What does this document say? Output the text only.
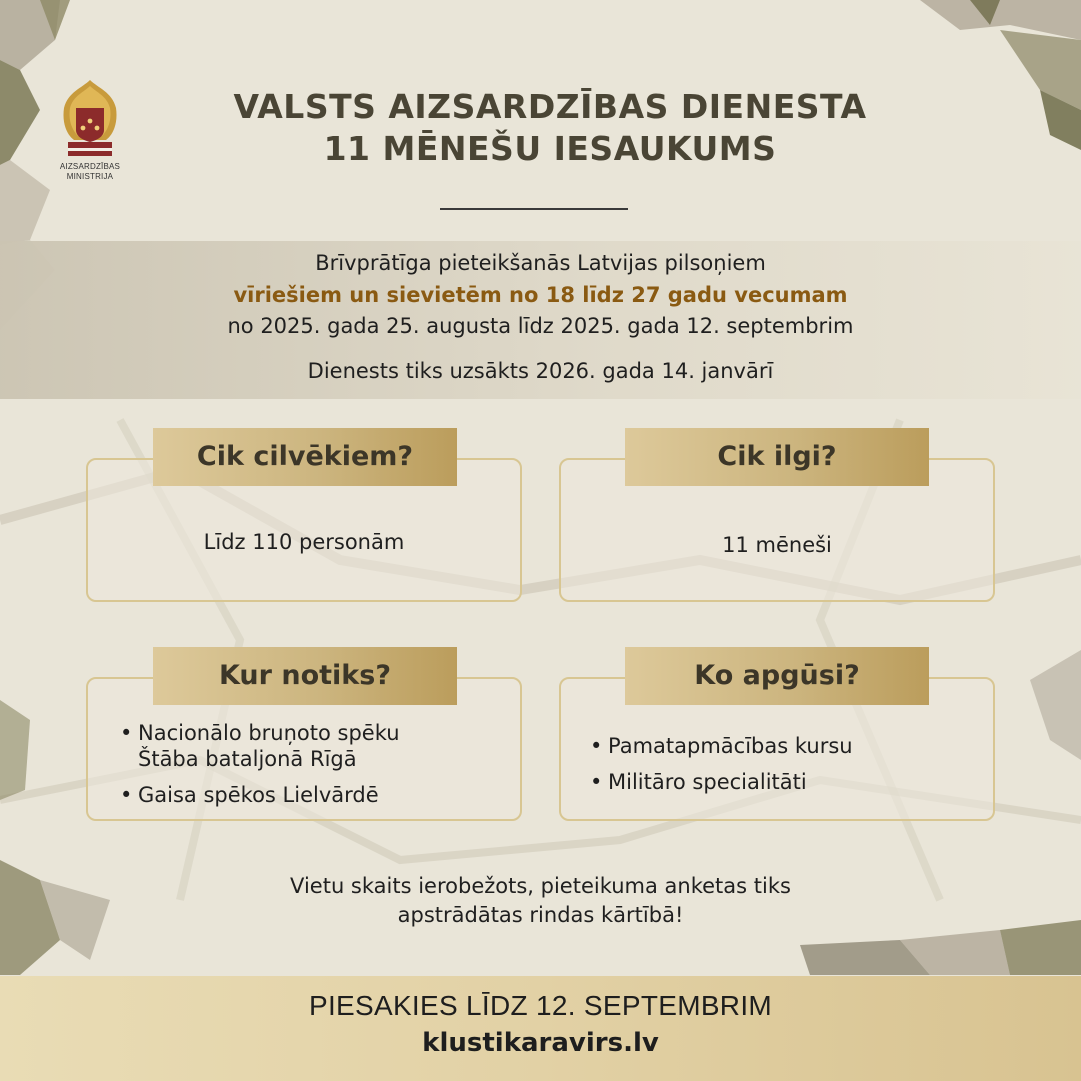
AIZSARDZĪBAS
MINISTRIJA
VALSTS AIZSARDZĪBAS DIENESTA
11 MĒNEŠU IESAUKUMS
Brīvprātīga pieteikšanās Latvijas pilsoņiem
vīriešiem un sievietēm no 18 līdz 27 gadu vecumam
no 2025. gada 25. augusta līdz 2025. gada 12. septembrim
Dienests tiks uzsākts 2026. gada 14. janvārī
Cik cilvēkiem?
Līdz 110 personām
Cik ilgi?
11 mēneši
Kur notiks?
• Nacionālo bruņoto spēku
Štāba bataljonā Rīgā
• Gaisa spēkos Lielvārdē
Ko apgūsi?
• Pamatapmācības kursu
• Militāro specialitāti
Vietu skaits ierobežots, pieteikuma anketas tiks
apstrādātas rindas kārtībā!
PIESAKIES LĪDZ 12. SEPTEMBRIM
klustikaravirs.lv
